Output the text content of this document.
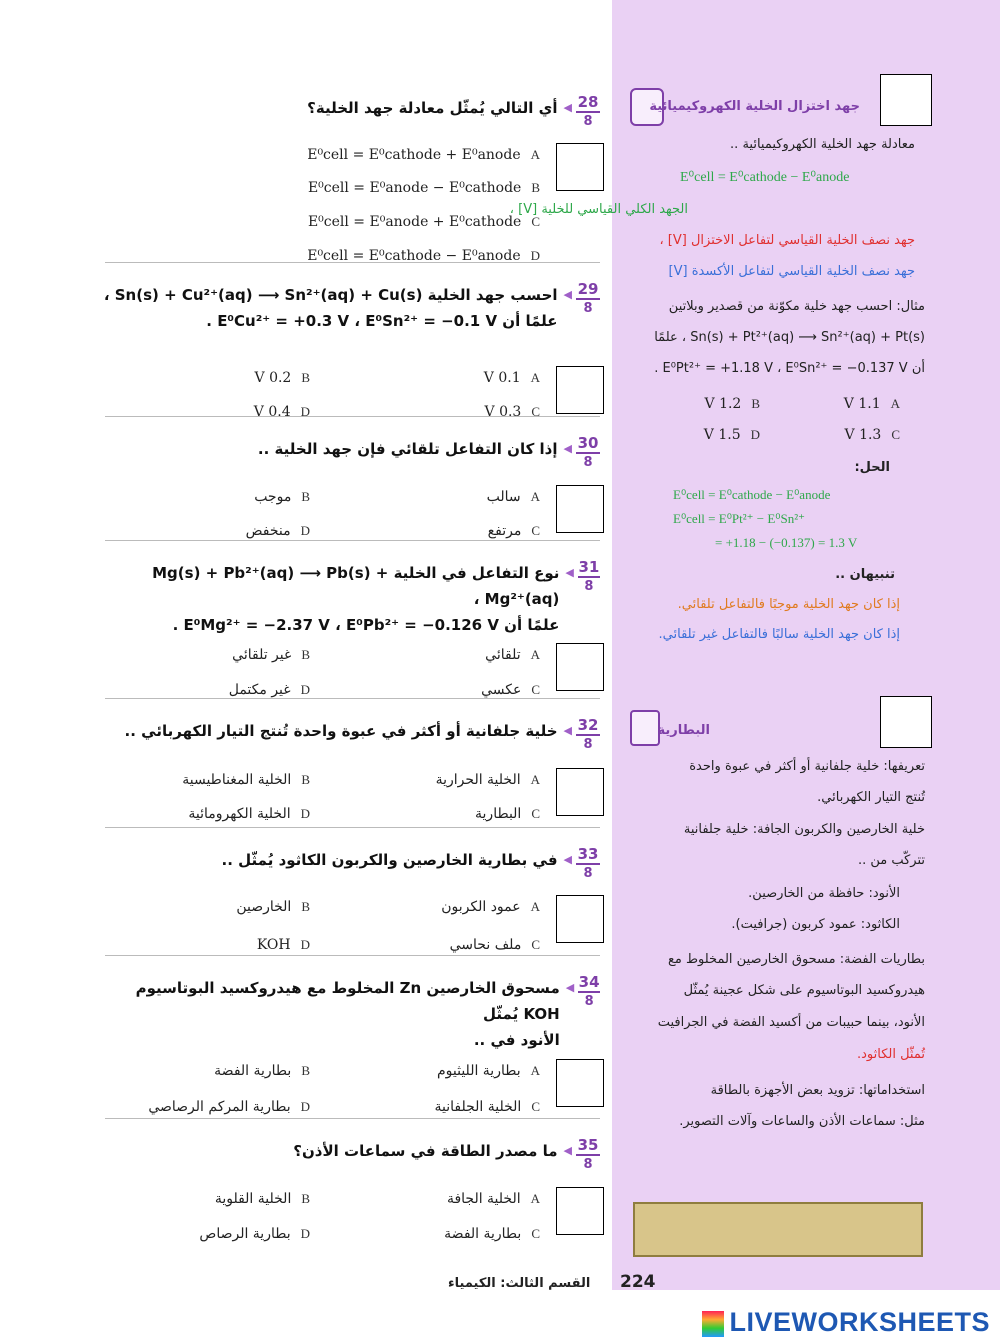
$\frac{28}{8}$
◀
أي التالي يُمثّل معادلة جهد الخلية؟
A
E⁰cell = E⁰cathode + E⁰anode
B
E⁰cell = E⁰anode − E⁰cathode
C
E⁰cell = E⁰anode + E⁰cathode
D
E⁰cell = E⁰cathode − E⁰anode
$\frac{29}{8}$
◀
احسب جهد الخلية Sn(s) + Cu²⁺(aq) ⟶ Sn²⁺(aq) + Cu(s) ،
علمًا أن E⁰Cu²⁺ = +0.3 V ، E⁰Sn²⁺ = −0.1 V .
A
0.1 V
B
0.2 V
C
0.3 V
D
0.4 V
$\frac{30}{8}$
◀
إذا كان التفاعل تلقائي فإن جهد الخلية ..
A
سالب
B
موجب
C
مرتفع
D
منخفض
$\frac{31}{8}$
◀
نوع التفاعل في الخلية Mg(s) + Pb²⁺(aq) ⟶ Pb(s) + Mg²⁺(aq) ،
علمًا أن E⁰Mg²⁺ = −2.37 V ، E⁰Pb²⁺ = −0.126 V .
A
تلقائي
B
غير تلقائي
C
عكسي
D
غير مكتمل
$\frac{32}{8}$
◀
خلية جلفانية أو أكثر في عبوة واحدة تُنتج التيار الكهربائي ..
A
الخلية الحرارية
B
الخلية المغناطيسية
C
البطارية
D
الخلية الكهرومائية
$\frac{33}{8}$
◀
في بطارية الخارصين والكربون الكاثود يُمثّل ..
A
عمود الكربون
B
الخارصين
C
ملف نحاسي
D
KOH
$\frac{34}{8}$
◀
مسحوق الخارصين Zn المخلوط مع هيدروكسيد البوتاسيوم KOH يُمثّل
الأنود في ..
A
بطارية الليثيوم
B
بطارية الفضة
C
الخلية الجلفانية
D
بطارية المركم الرصاصي
$\frac{35}{8}$
◀
ما مصدر الطاقة في سماعات الأذن؟
A
الخلية الجافة
B
الخلية القلوية
C
بطارية الفضة
D
بطارية الرصاص
جهد اختزال الخلية الكهروكيميائية
معادلة جهد الخلية الكهروكيميائية ..
E⁰cell = E⁰cathode − E⁰anode
الجهد الكلي القياسي للخلية [V] ،
جهد نصف الخلية القياسي لتفاعل الاختزال [V] ،
جهد نصف الخلية القياسي لتفاعل الأكسدة [V]
مثال: احسب جهد خلية مكوّنة من قصدير وبلاتين
Sn(s) + Pt²⁺(aq) ⟶ Sn²⁺(aq) + Pt(s) ، علمًا
أن E⁰Pt²⁺ = +1.18 V ، E⁰Sn²⁺ = −0.137 V .
A
1.1 V
B
1.2 V
C
1.3 V
D
1.5 V
الحل:
E⁰cell = E⁰cathode − E⁰anode
E⁰cell = E⁰Pt²⁺ − E⁰Sn²⁺
= +1.18 − (−0.137) = 1.3 V
تنبيهان ..
إذا كان جهد الخلية موجبًا فالتفاعل تلقائي.
إذا كان جهد الخلية سالبًا فالتفاعل غير تلقائي.
البطارية
تعريفها: خلية جلفانية أو أكثر في عبوة واحدة
تُنتج التيار الكهربائي.
خلية الخارصين والكربون الجافة: خلية جلفانية
تتركّب من ..
الأنود: حافظة من الخارصين.
الكاثود: عمود كربون (جرافيت).
بطاريات الفضة: مسحوق الخارصين المخلوط مع
هيدروكسيد البوتاسيوم على شكل عجينة يُمثّل
الأنود، بينما حبيبات من أكسيد الفضة في الجرافيت
تُمثّل الكاثود.
استخداماتها: تزويد بعض الأجهزة بالطاقة
مثل: سماعات الأذن والساعات وآلات التصوير.
القسم الثالث: الكيمياء 224
LIVEWORKSHEETS
